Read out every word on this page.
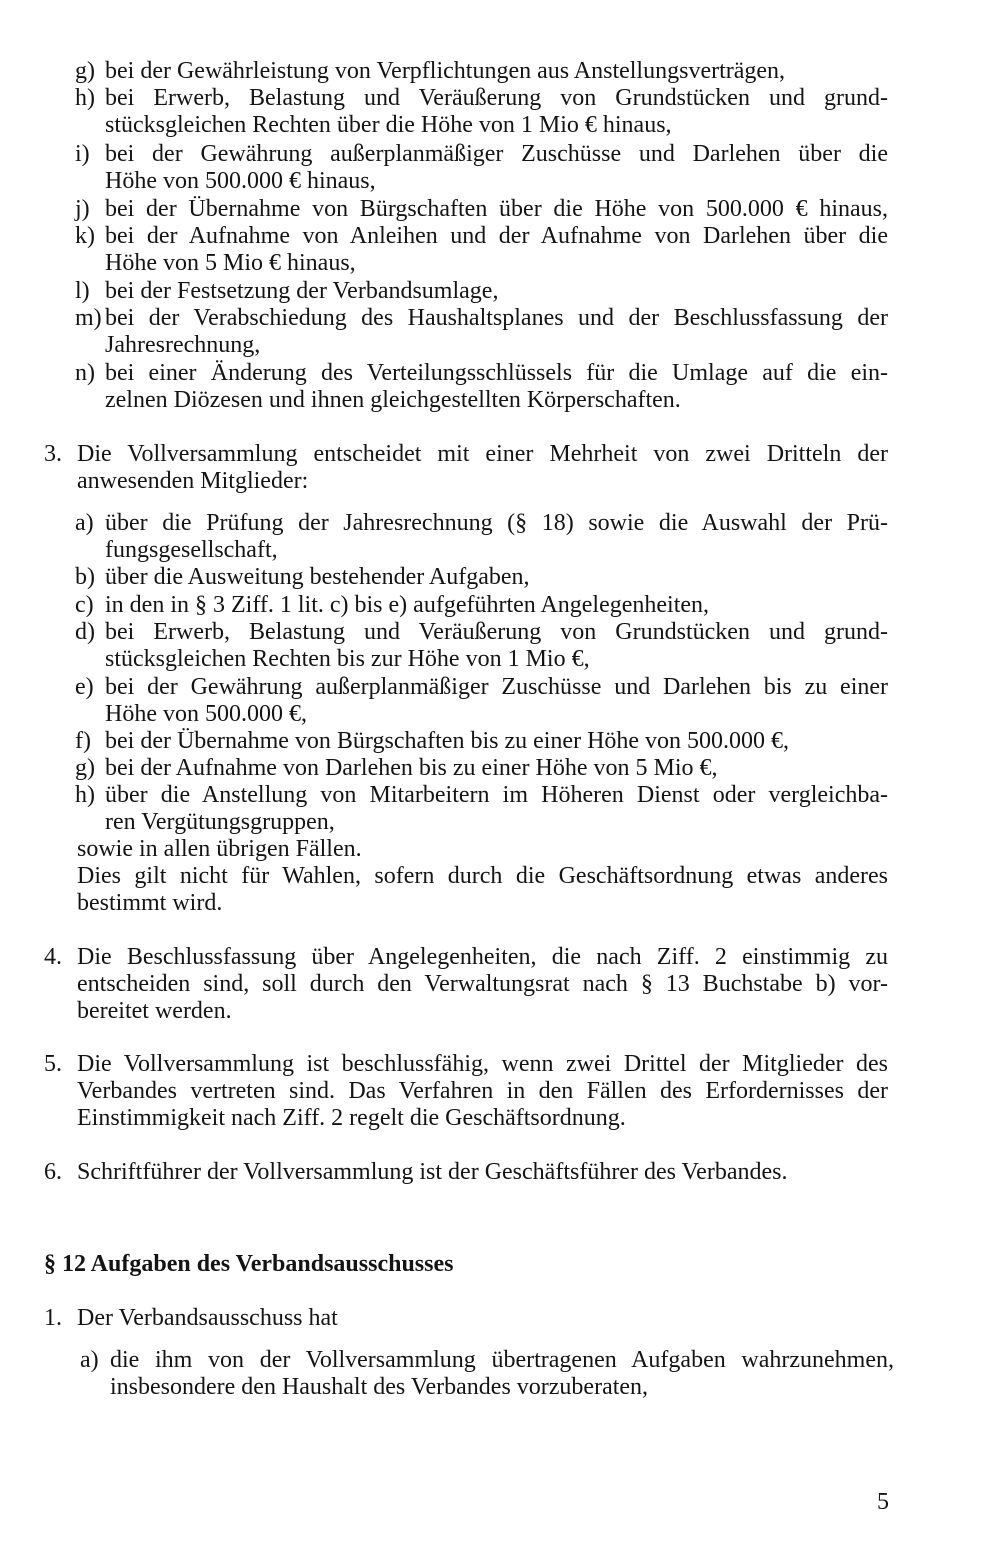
g) bei der Gewährleistung von Verpflichtungen aus Anstellungsverträgen,
h) bei Erwerb, Belastung und Veräußerung von Grundstücken und grund-
stücksgleichen Rechten über die Höhe von 1 Mio € hinaus,
i) bei der Gewährung außerplanmäßiger Zuschüsse und Darlehen über die
Höhe von 500.000 € hinaus,
j) bei der Übernahme von Bürgschaften über die Höhe von 500.000 € hinaus,
k) bei der Aufnahme von Anleihen und der Aufnahme von Darlehen über die
Höhe von 5 Mio € hinaus,
l) bei der Festsetzung der Verbandsumlage,
m) bei der Verabschiedung des Haushaltsplanes und der Beschlussfassung der
Jahresrechnung,
n) bei einer Änderung des Verteilungsschlüssels für die Umlage auf die ein-
zelnen Diözesen und ihnen gleichgestellten Körperschaften.
3. Die Vollversammlung entscheidet mit einer Mehrheit von zwei Dritteln der
anwesenden Mitglieder:
a) über die Prüfung der Jahresrechnung (§ 18) sowie die Auswahl der Prü-
fungsgesellschaft,
b) über die Ausweitung bestehender Aufgaben,
c) in den in § 3 Ziff. 1 lit. c) bis e) aufgeführten Angelegenheiten,
d) bei Erwerb, Belastung und Veräußerung von Grundstücken und grund-
stücksgleichen Rechten bis zur Höhe von 1 Mio €,
e) bei der Gewährung außerplanmäßiger Zuschüsse und Darlehen bis zu einer
Höhe von 500.000 €,
f) bei der Übernahme von Bürgschaften bis zu einer Höhe von 500.000 €,
g) bei der Aufnahme von Darlehen bis zu einer Höhe von 5 Mio €,
h) über die Anstellung von Mitarbeitern im Höheren Dienst oder vergleichba-
ren Vergütungsgruppen,
sowie in allen übrigen Fällen.
Dies gilt nicht für Wahlen, sofern durch die Geschäftsordnung etwas anderes
bestimmt wird.
4. Die Beschlussfassung über Angelegenheiten, die nach Ziff. 2 einstimmig zu
entscheiden sind, soll durch den Verwaltungsrat nach § 13 Buchstabe b) vor-
bereitet werden.
5. Die Vollversammlung ist beschlussfähig, wenn zwei Drittel der Mitglieder des
Verbandes vertreten sind. Das Verfahren in den Fällen des Erfordernisses der
Einstimmigkeit nach Ziff. 2 regelt die Geschäftsordnung.
6. Schriftführer der Vollversammlung ist der Geschäftsführer des Verbandes.
§ 12 Aufgaben des Verbandsausschusses
1. Der Verbandsausschuss hat
a) die ihm von der Vollversammlung übertragenen Aufgaben wahrzunehmen,
insbesondere den Haushalt des Verbandes vorzuberaten,
5
